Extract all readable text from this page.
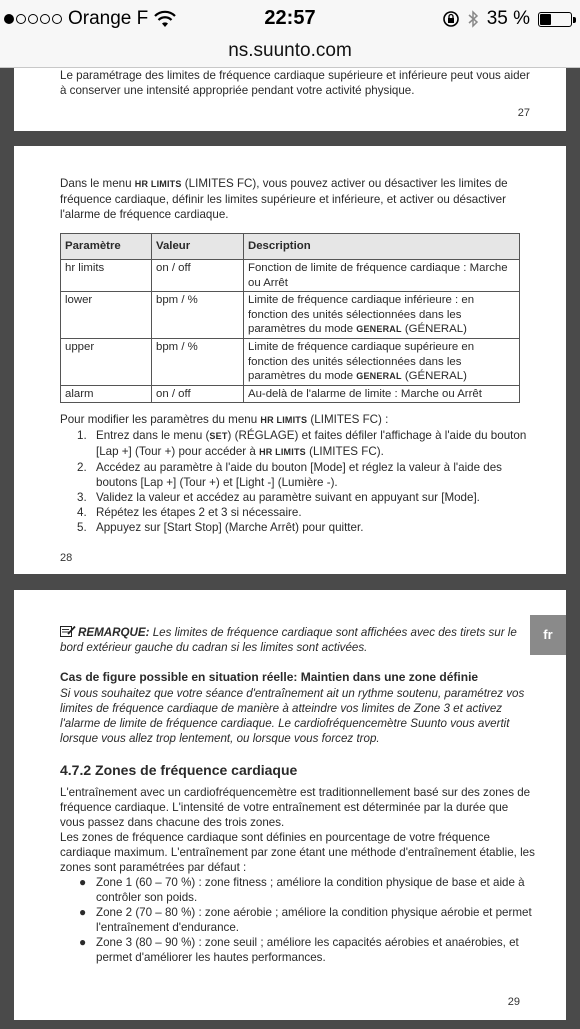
Orange F	22:57	35 %
ns.suunto.com
Le paramétrage des limites de fréquence cardiaque supérieure et inférieure peut vous aider à conserver une intensité appropriée pendant votre activité physique.
27
Dans le menu HR LIMITS (LIMITES FC), vous pouvez activer ou désactiver les limites de fréquence cardiaque, définir les limites supérieure et inférieure, et activer ou désactiver l'alarme de fréquence cardiaque.
Paramètre	Valeur	Description
hr limits	on / off	Fonction de limite de fréquence cardiaque : Marche ou Arrêt
lower	bpm / %	Limite de fréquence cardiaque inférieure : en fonction des unités sélectionnées dans les paramètres du mode GENERAL (GÉNERAL)
upper	bpm / %	Limite de fréquence cardiaque supérieure en fonction des unités sélectionnées dans les paramètres du mode GENERAL (GÉNERAL)
alarm	on / off	Au-delà de l'alarme de limite : Marche ou Arrêt
Pour modifier les paramètres du menu HR LIMITS (LIMITES FC) :
1. Entrez dans le menu (SET) (RÉGLAGE) et faites défiler l'affichage à l'aide du bouton [Lap +] (Tour +) pour accéder à HR LIMITS (LIMITES FC).
2. Accédez au paramètre à l'aide du bouton [Mode] et réglez la valeur à l'aide des boutons [Lap +] (Tour +) et [Light -] (Lumière -).
3. Validez la valeur et accédez au paramètre suivant en appuyant sur [Mode].
4. Répétez les étapes 2 et 3 si nécessaire.
5. Appuyez sur [Start Stop] (Marche Arrêt) pour quitter.
28
REMARQUE: Les limites de fréquence cardiaque sont affichées avec des tirets sur le bord extérieur gauche du cadran si les limites sont activées.
Cas de figure possible en situation réelle: Maintien dans une zone définie
Si vous souhaitez que votre séance d'entraînement ait un rythme soutenu, paramétrez vos limites de fréquence cardiaque de manière à atteindre vos limites de Zone 3 et activez l'alarme de limite de fréquence cardiaque. Le cardiofréquencemètre Suunto vous avertit lorsque vous allez trop lentement, ou lorsque vous forcez trop.
4.7.2 Zones de fréquence cardiaque
L'entraînement avec un cardiofréquencemètre est traditionnellement basé sur des zones de fréquence cardiaque. L'intensité de votre entraînement est déterminée par la durée que vous passez dans chacune des trois zones.
Les zones de fréquence cardiaque sont définies en pourcentage de votre fréquence cardiaque maximum. L'entraînement par zone étant une méthode d'entraînement établie, les zones sont paramétrées par défaut :
● Zone 1 (60 – 70 %) : zone fitness ; améliore la condition physique de base et aide à contrôler son poids.
● Zone 2 (70 – 80 %) : zone aérobie ; améliore la condition physique aérobie et permet l'entraînement d'endurance.
● Zone 3 (80 – 90 %) : zone seuil ; améliore les capacités aérobies et anaérobies, et permet d'améliorer les hautes performances.
29
fr
